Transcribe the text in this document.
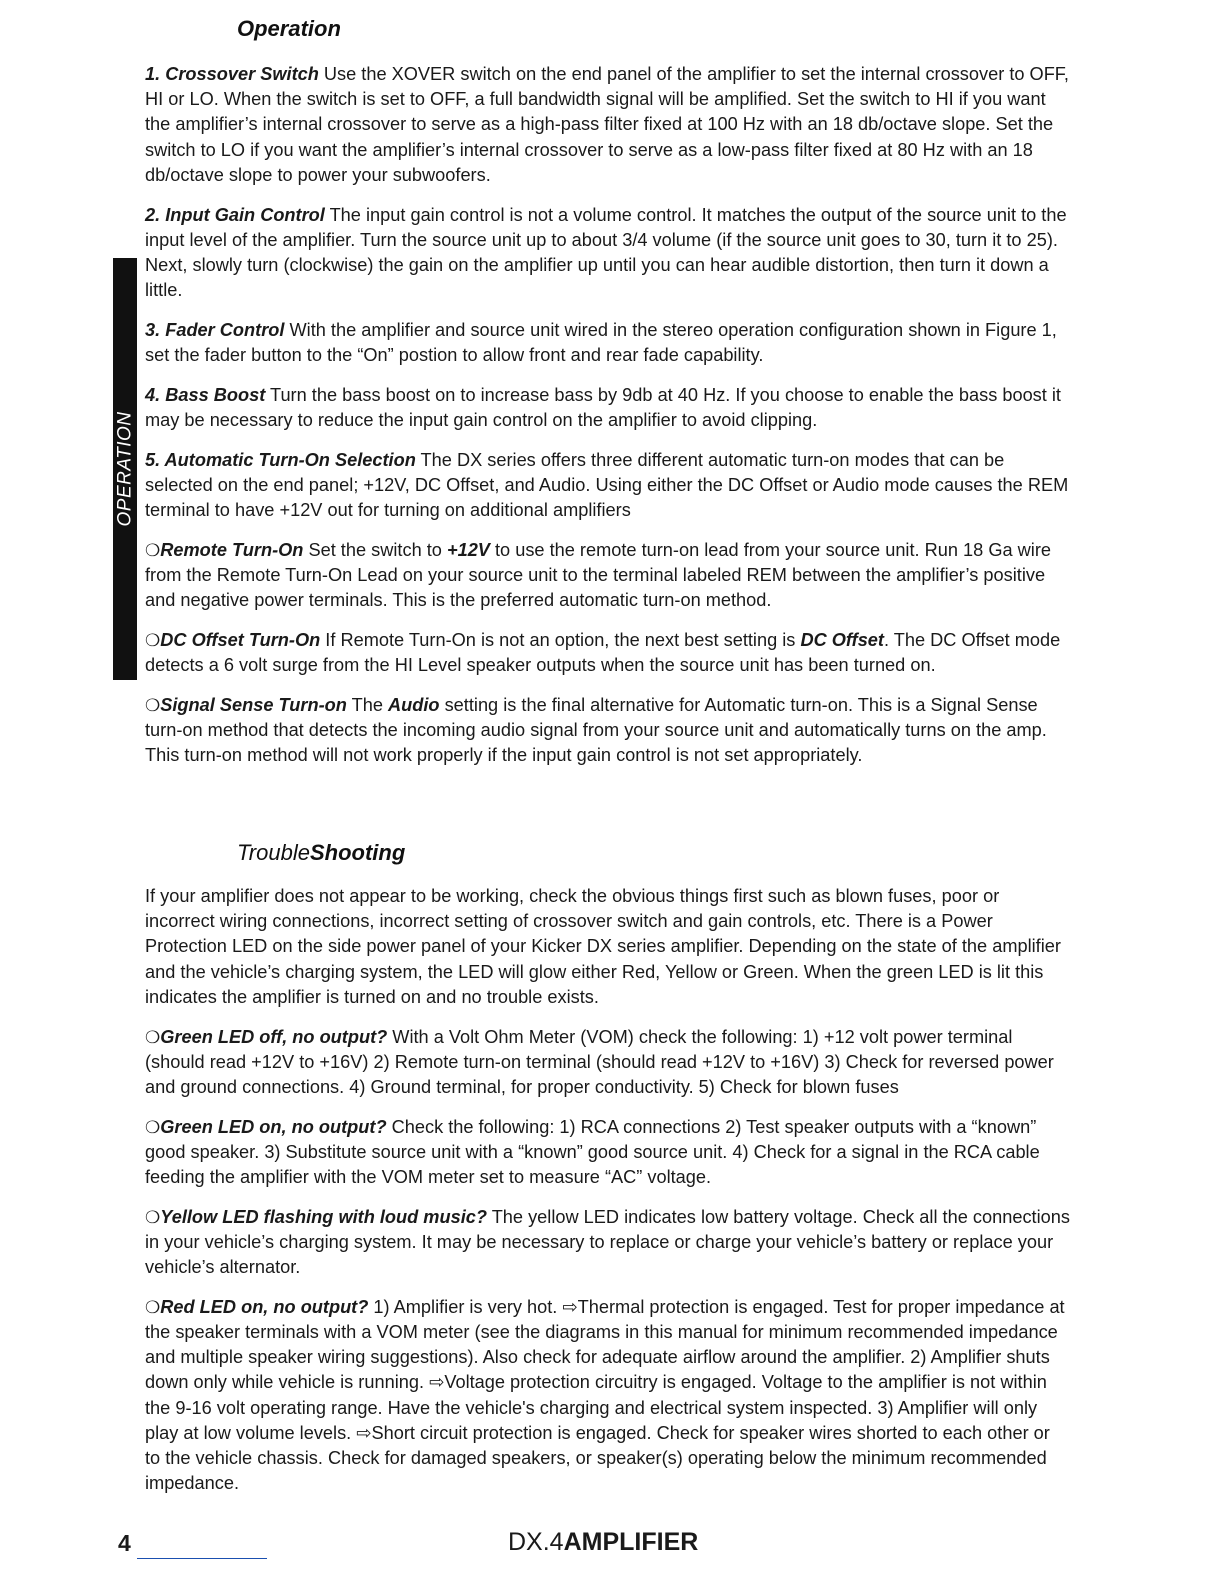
OPERATION
Operation

1. Crossover Switch Use the XOVER switch on the end panel of the amplifier to set the internal crossover to OFF, HI or LO. When the switch is set to OFF, a full bandwidth signal will be amplified. Set the switch to HI if you want the amplifier’s internal crossover to serve as a high-pass filter fixed at 100 Hz with an 18 db/octave slope. Set the switch to LO if you want the amplifier’s internal crossover to serve as a low-pass filter fixed at 80 Hz with an 18 db/octave slope to power your subwoofers.

2. Input Gain Control The input gain control is not a volume control. It matches the output of the source unit to the input level of the amplifier. Turn the source unit up to about 3/4 volume (if the source unit goes to 30, turn it to 25). Next, slowly turn (clockwise) the gain on the amplifier up until you can hear audible distortion, then turn it down a little.

3. Fader Control With the amplifier and source unit wired in the stereo operation configuration shown in Figure 1, set the fader button to the “On” postion to allow front and rear fade capability.

4. Bass Boost Turn the bass boost on to increase bass by 9db at 40 Hz. If you choose to enable the bass boost it may be necessary to reduce the input gain control on the amplifier to avoid clipping.

5. Automatic Turn-On Selection The DX series offers three different automatic turn-on modes that can be selected on the end panel; +12V, DC Offset, and Audio. Using either the DC Offset or Audio mode causes the REM terminal to have +12V out for turning on additional amplifiers

❍Remote Turn-On Set the switch to +12V to use the remote turn-on lead from your source unit. Run 18 Ga wire from the Remote Turn-On Lead on your source unit to the terminal labeled REM between the amplifier’s positive and negative power terminals. This is the preferred automatic turn-on method.

❍DC Offset Turn-On If Remote Turn-On is not an option, the next best setting is DC Offset. The DC Offset mode detects a 6 volt surge from the HI Level speaker outputs when the source unit has been turned on.

❍Signal Sense Turn-on The Audio setting is the final alternative for Automatic turn-on. This is a Signal Sense turn-on method that detects the incoming audio signal from your source unit and automatically turns on the amp. This turn-on method will not work properly if the input gain control is not set appropriately.

TroubleShooting

If your amplifier does not appear to be working, check the obvious things first such as blown fuses, poor or incorrect wiring connections, incorrect setting of crossover switch and gain controls, etc. There is a Power Protection LED on the side power panel of your Kicker DX series amplifier. Depending on the state of the amplifier and the vehicle’s charging system, the LED will glow either Red, Yellow or Green. When the green LED is lit this indicates the amplifier is turned on and no trouble exists.

❍Green LED off, no output? With a Volt Ohm Meter (VOM) check the following: 1) +12 volt power terminal (should read +12V to +16V) 2) Remote turn-on terminal (should read +12V to +16V) 3) Check for reversed power and ground connections. 4) Ground terminal, for proper conductivity. 5) Check for blown fuses

❍Green LED on, no output? Check the following: 1) RCA connections 2) Test speaker outputs with a “known” good speaker. 3) Substitute source unit with a “known” good source unit. 4) Check for a signal in the RCA cable feeding the amplifier with the VOM meter set to measure “AC” voltage.

❍Yellow LED flashing with loud music? The yellow LED indicates low battery voltage. Check all the connections in your vehicle’s charging system. It may be necessary to replace or charge your vehicle’s battery or replace your vehicle’s alternator.

❍Red LED on, no output? 1) Amplifier is very hot. ⇨Thermal protection is engaged. Test for proper impedance at the speaker terminals with a VOM meter (see the diagrams in this manual for minimum recommended impedance and multiple speaker wiring suggestions). Also check for adequate airflow around the amplifier. 2) Amplifier shuts down only while vehicle is running. ⇨Voltage protection circuitry is engaged. Voltage to the amplifier is not within the 9-16 volt operating range. Have the vehicle's charging and electrical system inspected. 3) Amplifier will only play at low volume levels. ⇨Short circuit protection is engaged. Check for speaker wires shorted to each other or to the vehicle chassis. Check for damaged speakers, or speaker(s) operating below the minimum recommended impedance.

4	DX.4AMPLIFIER
